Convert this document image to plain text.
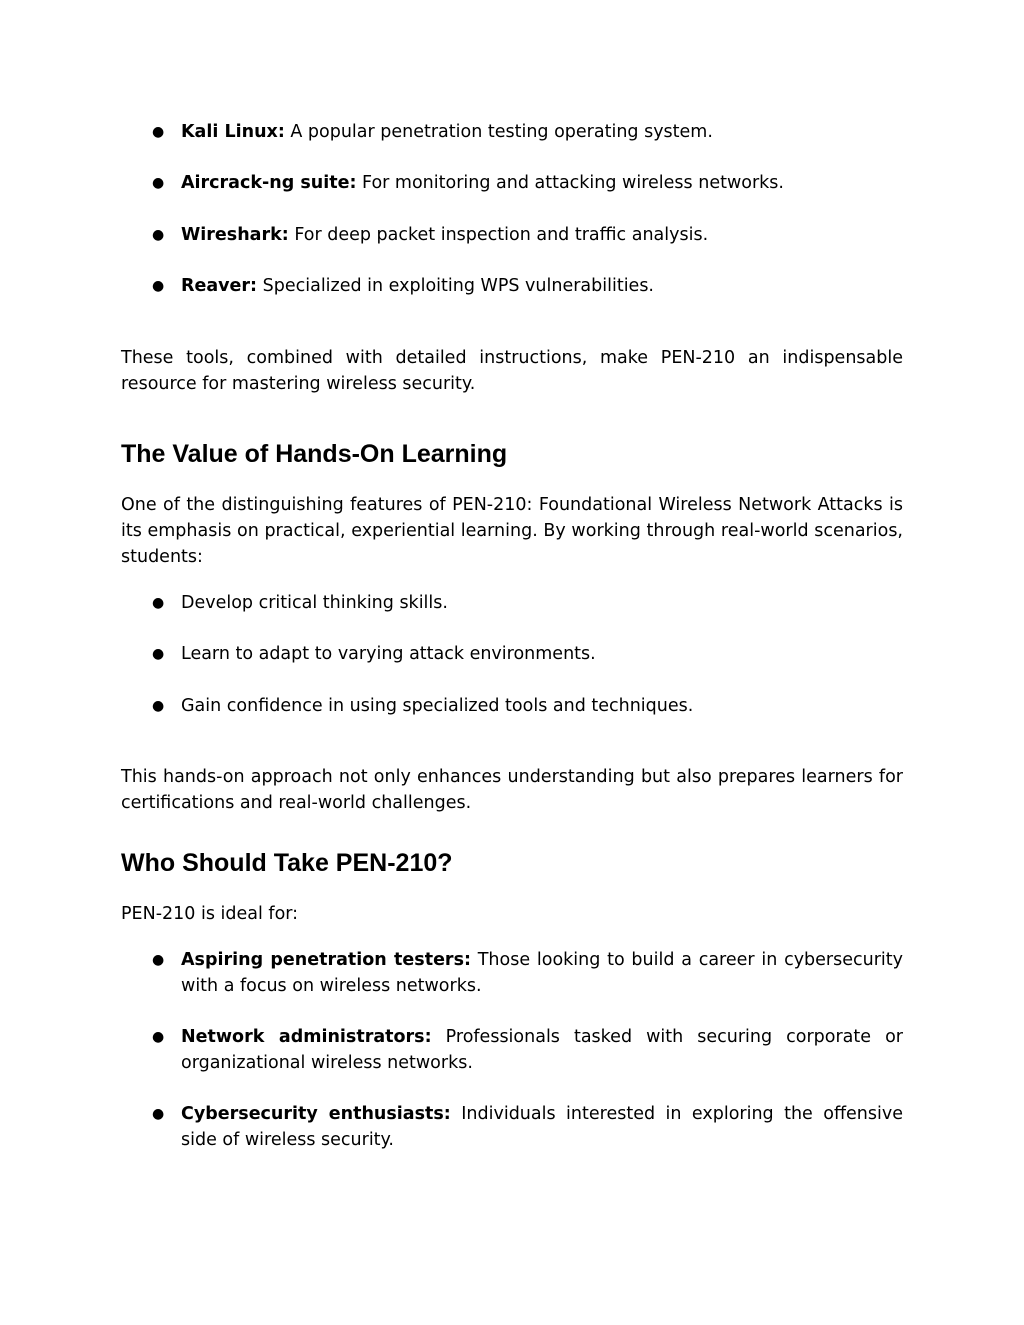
● Kali Linux: A popular penetration testing operating system.
● Aircrack-ng suite: For monitoring and attacking wireless networks.
● Wireshark: For deep packet inspection and traffic analysis.
● Reaver: Specialized in exploiting WPS vulnerabilities.

These tools, combined with detailed instructions, make PEN-210 an indispensable resource for mastering wireless security.

The Value of Hands-On Learning

One of the distinguishing features of PEN-210: Foundational Wireless Network Attacks is its emphasis on practical, experiential learning. By working through real-world scenarios, students:

● Develop critical thinking skills.
● Learn to adapt to varying attack environments.
● Gain confidence in using specialized tools and techniques.

This hands-on approach not only enhances understanding but also prepares learners for certifications and real-world challenges.

Who Should Take PEN-210?

PEN-210 is ideal for:

● Aspiring penetration testers: Those looking to build a career in cybersecurity with a focus on wireless networks.
● Network administrators: Professionals tasked with securing corporate or organizational wireless networks.
● Cybersecurity enthusiasts: Individuals interested in exploring the offensive side of wireless security.
